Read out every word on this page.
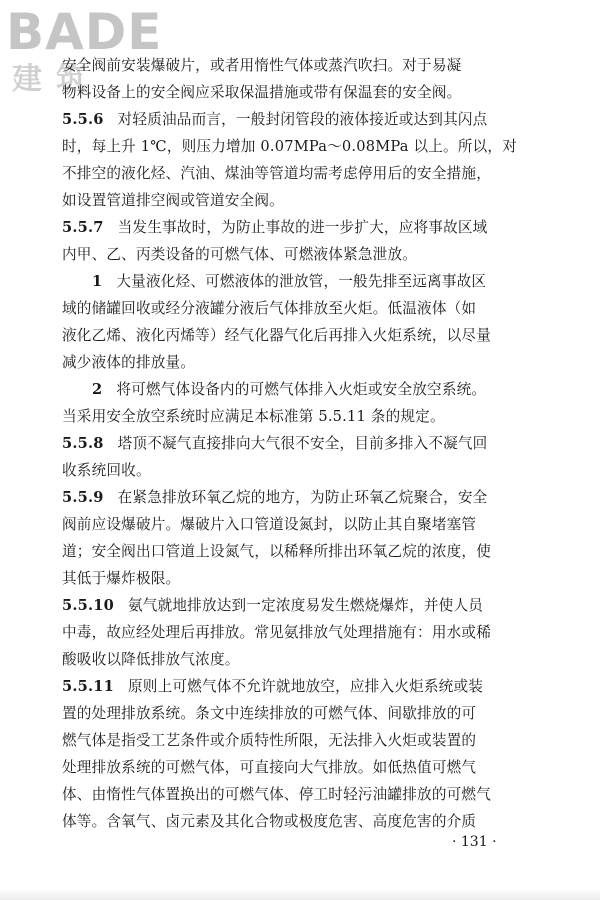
BADE
建筑
安全阀前安装爆破片，或者用惰性气体或蒸汽吹扫。对于易凝
物料设备上的安全阀应采取保温措施或带有保温套的安全阀。
5.5.6 对轻质油品而言，一般封闭管段的液体接近或达到其闪点
时，每上升 1℃，则压力增加 0.07MPa～0.08MPa 以上。所以，对
不排空的液化烃、汽油、煤油等管道均需考虑停用后的安全措施，
如设置管道排空阀或管道安全阀。
5.5.7 当发生事故时，为防止事故的进一步扩大，应将事故区域
内甲、乙、丙类设备的可燃气体、可燃液体紧急泄放。
1 大量液化烃、可燃液体的泄放管，一般先排至远离事故区
域的储罐回收或经分液罐分液后气体排放至火炬。低温液体（如
液化乙烯、液化丙烯等）经气化器气化后再排入火炬系统，以尽量
减少液体的排放量。
2 将可燃气体设备内的可燃气体排入火炬或安全放空系统。
当采用安全放空系统时应满足本标准第 5.5.11 条的规定。
5.5.8 塔顶不凝气直接排向大气很不安全，目前多排入不凝气回
收系统回收。
5.5.9 在紧急排放环氧乙烷的地方，为防止环氧乙烷聚合，安全
阀前应设爆破片。爆破片入口管道设氮封，以防止其自聚堵塞管
道；安全阀出口管道上设氮气，以稀释所排出环氧乙烷的浓度，使
其低于爆炸极限。
5.5.10 氨气就地排放达到一定浓度易发生燃烧爆炸，并使人员
中毒，故应经处理后再排放。常见氨排放气处理措施有：用水或稀
酸吸收以降低排放气浓度。
5.5.11 原则上可燃气体不允许就地放空，应排入火炬系统或装
置的处理排放系统。条文中连续排放的可燃气体、间歇排放的可
燃气体是指受工艺条件或介质特性所限，无法排入火炬或装置的
处理排放系统的可燃气体，可直接向大气排放。如低热值可燃气
体、由惰性气体置换出的可燃气体、停工时轻污油罐排放的可燃气
体等。含氧气、卤元素及其化合物或极度危害、高度危害的介质
· 131 ·
